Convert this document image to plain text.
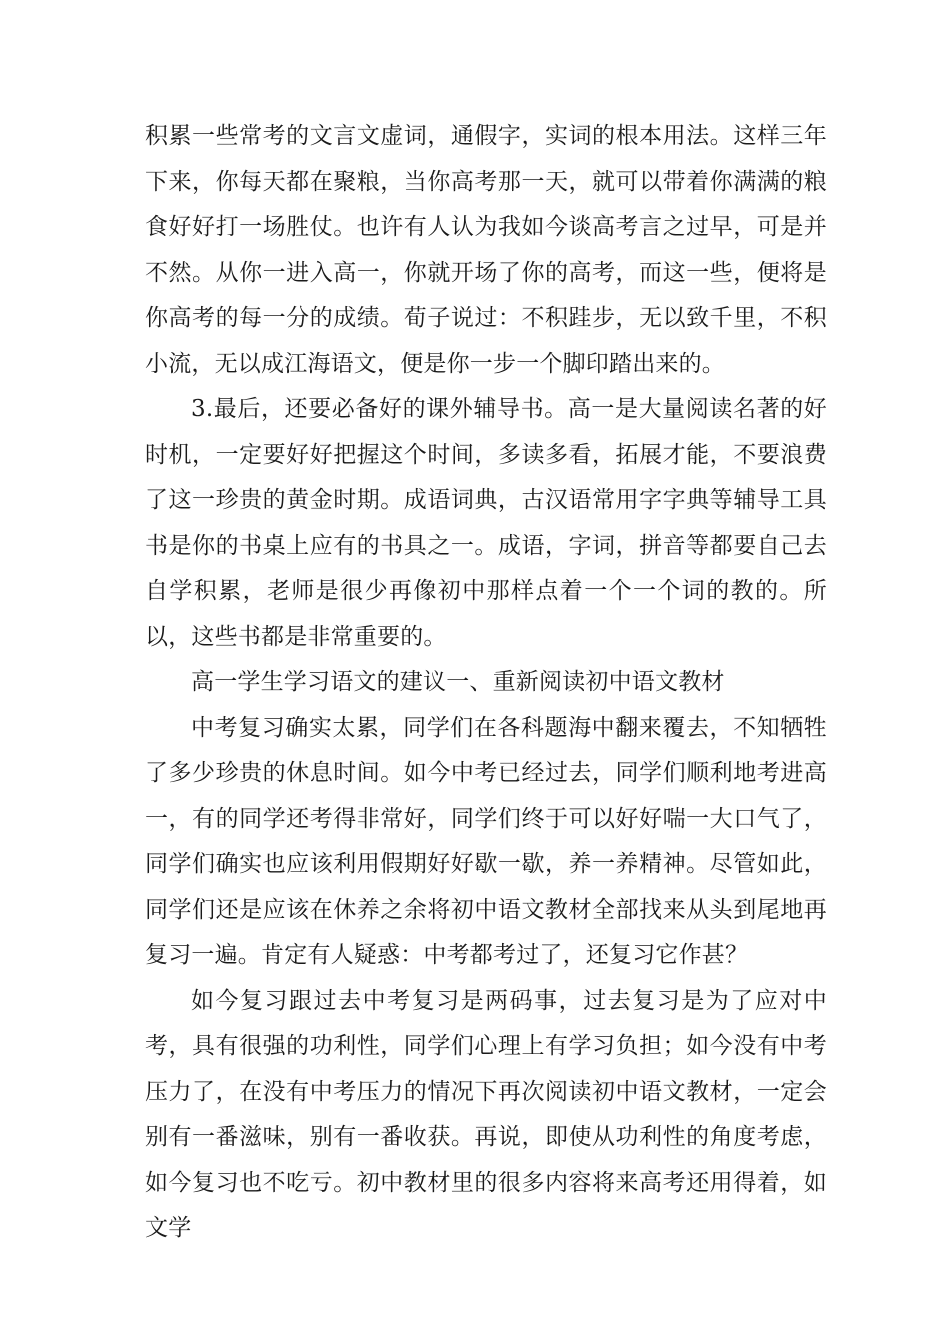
积累一些常考的文言文虚词，通假字，实词的根本用法。这样三年下来，你每天都在聚粮，当你高考那一天，就可以带着你满满的粮食好好打一场胜仗。也许有人认为我如今谈高考言之过早，可是并不然。从你一进入高一，你就开场了你的高考，而这一些，便将是你高考的每一分的成绩。荀子说过：不积跬步，无以致千里，不积小流，无以成江海语文，便是你一步一个脚印踏出来的。

3.最后，还要必备好的课外辅导书。高一是大量阅读名著的好时机，一定要好好把握这个时间，多读多看，拓展才能，不要浪费了这一珍贵的黄金时期。成语词典，古汉语常用字字典等辅导工具书是你的书桌上应有的书具之一。成语，字词，拼音等都要自己去自学积累，老师是很少再像初中那样点着一个一个词的教的。所以，这些书都是非常重要的。

高一学生学习语文的建议一、重新阅读初中语文教材

中考复习确实太累，同学们在各科题海中翻来覆去，不知牺牲了多少珍贵的休息时间。如今中考已经过去，同学们顺利地考进高一，有的同学还考得非常好，同学们终于可以好好喘一大口气了，同学们确实也应该利用假期好好歇一歇，养一养精神。尽管如此，同学们还是应该在休养之余将初中语文教材全部找来从头到尾地再复习一遍。肯定有人疑惑：中考都考过了，还复习它作甚？

如今复习跟过去中考复习是两码事，过去复习是为了应对中考，具有很强的功利性，同学们心理上有学习负担；如今没有中考压力了，在没有中考压力的情况下再次阅读初中语文教材，一定会别有一番滋味，别有一番收获。再说，即使从功利性的角度考虑，如今复习也不吃亏。初中教材里的很多内容将来高考还用得着，如文学
